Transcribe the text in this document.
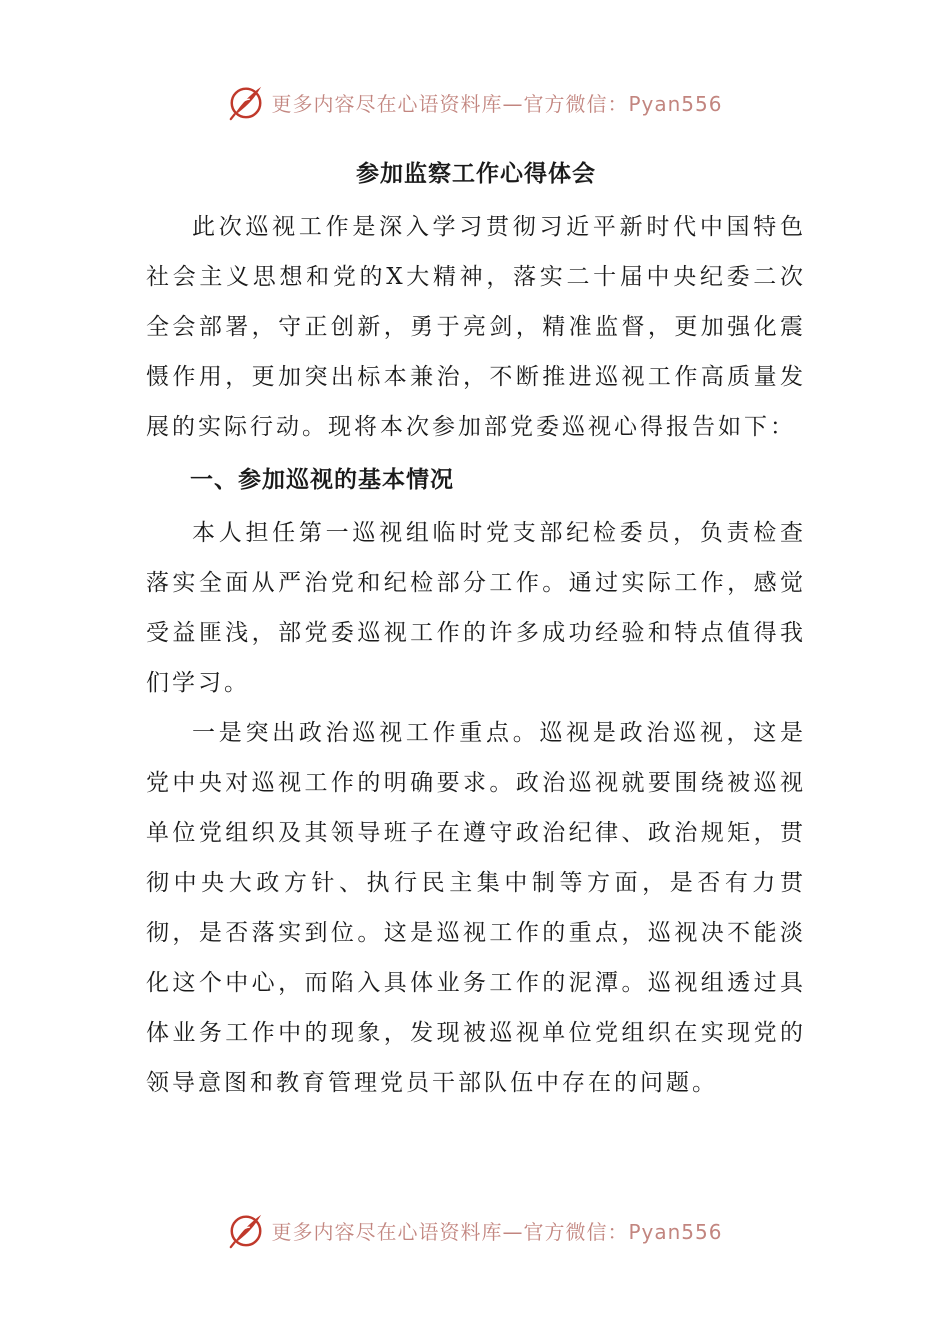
更多内容尽在心语资料库—官方微信：Pyan556
参加监察工作心得体会

此次巡视工作是深入学习贯彻习近平新时代中国特色社会主义思想和党的X大精神，落实二十届中央纪委二次全会部署，守正创新，勇于亮剑，精准监督，更加强化震慑作用，更加突出标本兼治，不断推进巡视工作高质量发展的实际行动。现将本次参加部党委巡视心得报告如下：

一、参加巡视的基本情况

本人担任第一巡视组临时党支部纪检委员，负责检查落实全面从严治党和纪检部分工作。通过实际工作，感觉受益匪浅，部党委巡视工作的许多成功经验和特点值得我们学习。

一是突出政治巡视工作重点。巡视是政治巡视，这是党中央对巡视工作的明确要求。政治巡视就要围绕被巡视单位党组织及其领导班子在遵守政治纪律、政治规矩，贯彻中央大政方针、执行民主集中制等方面，是否有力贯彻，是否落实到位。这是巡视工作的重点，巡视决不能淡化这个中心，而陷入具体业务工作的泥潭。巡视组透过具体业务工作中的现象，发现被巡视单位党组织在实现党的领导意图和教育管理党员干部队伍中存在的问题。

更多内容尽在心语资料库—官方微信：Pyan556
